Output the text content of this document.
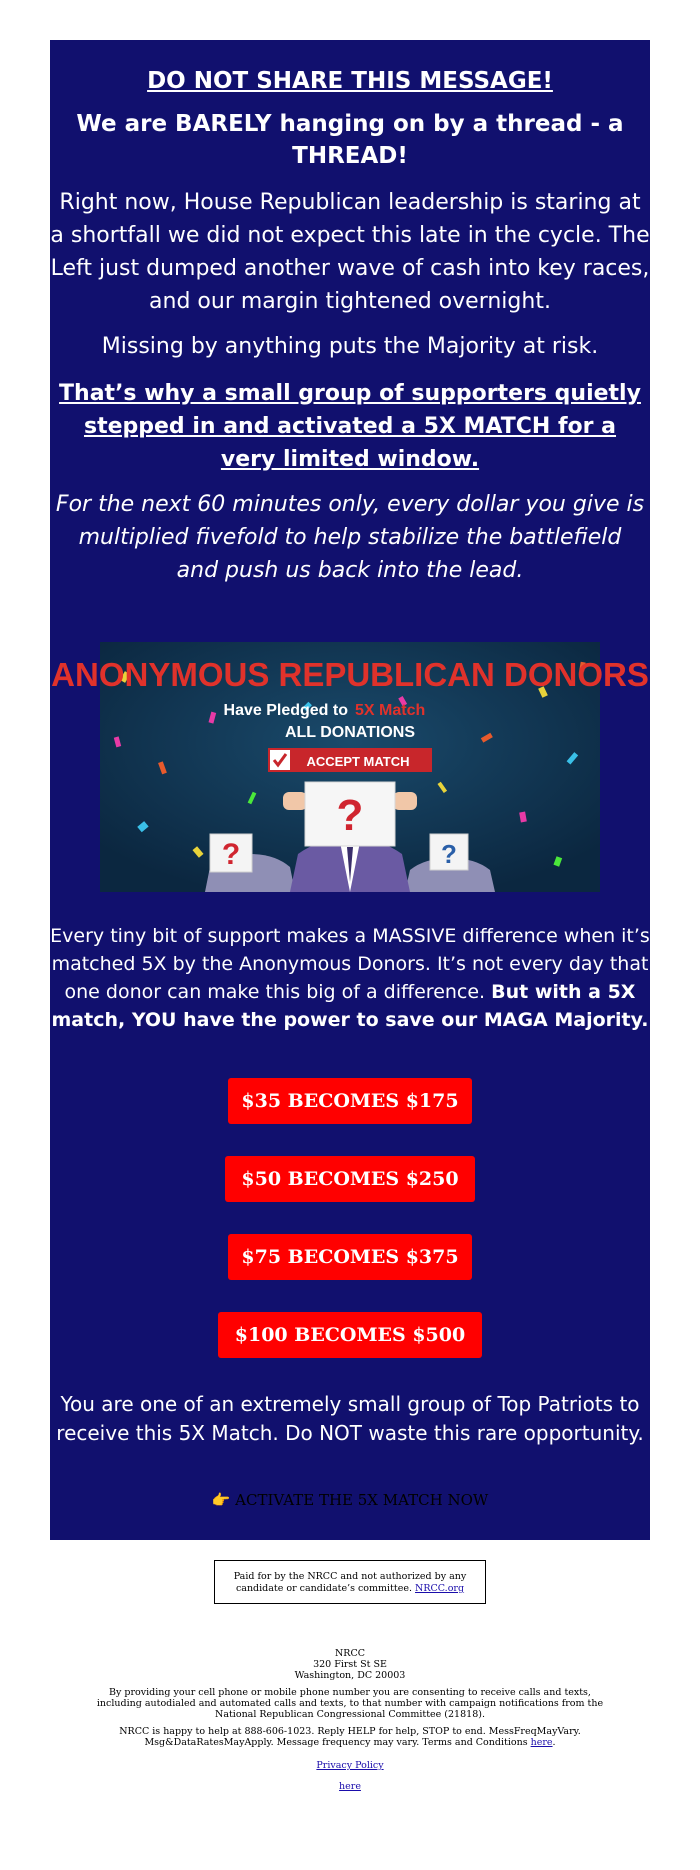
DO NOT SHARE THIS MESSAGE!
We are BARELY hanging on by a thread - a THREAD!
Right now, House Republican leadership is staring at a shortfall we did not expect this late in the cycle. The Left just dumped another wave of cash into key races, and our margin tightened overnight.
Missing by anything puts the Majority at risk.
That’s why a small group of supporters quietly stepped in and activated a 5X MATCH for a very limited window.
For the next 60 minutes only, every dollar you give is multiplied fivefold to help stabilize the battlefield and push us back into the lead.
ANONYMOUS REPUBLICAN DONORS
Have Pledged to 5X Match
ALL DONATIONS
ACCEPT MATCH
?	?
?
Every tiny bit of support makes a MASSIVE difference when it’s matched 5X by the Anonymous Donors. It’s not every day that one donor can make this big of a difference. But with a 5X match, YOU have the power to save our MAGA Majority.
$35 BECOMES $175
$50 BECOMES $250
$75 BECOMES $375
$100 BECOMES $500
You are one of an extremely small group of Top Patriots to receive this 5X Match. Do NOT waste this rare opportunity.
👉 ACTIVATE THE 5X MATCH NOW
Paid for by the NRCC and not authorized by any candidate or candidate’s committee. NRCC.org
NRCC
320 First St SE
Washington, DC 20003

By providing your cell phone or mobile phone number you are consenting to receive calls and texts, including autodialed and automated calls and texts, to that number with campaign notifications from the National Republican Congressional Committee (21818).

NRCC is happy to help at 888-606-1023. Reply HELP for help, STOP to end. MessFreqMayVary. Msg&DataRatesMayApply. Message frequency may vary. Terms and Conditions here.

Privacy Policy

here
